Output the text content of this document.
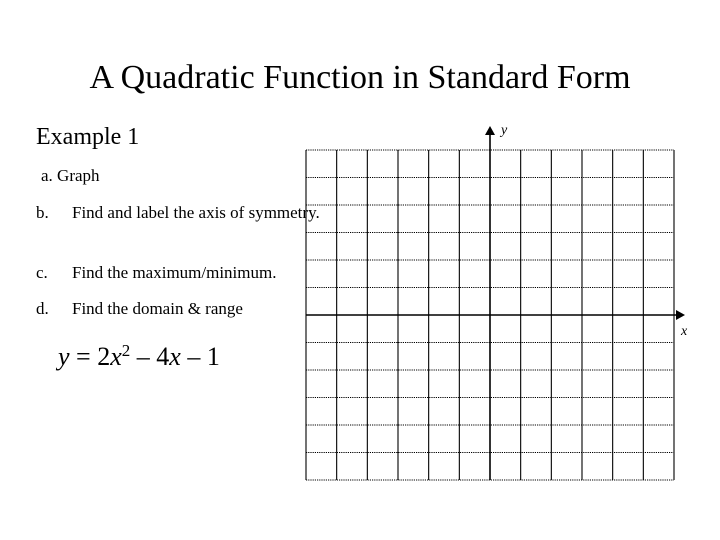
A Quadratic Function in Standard Form
Example 1
a. Graph
b. Find and label the axis of symmetry.
c. Find the maximum/minimum.
d. Find the domain & range
$y = 2x^2 - 4x - 1$
y
x
